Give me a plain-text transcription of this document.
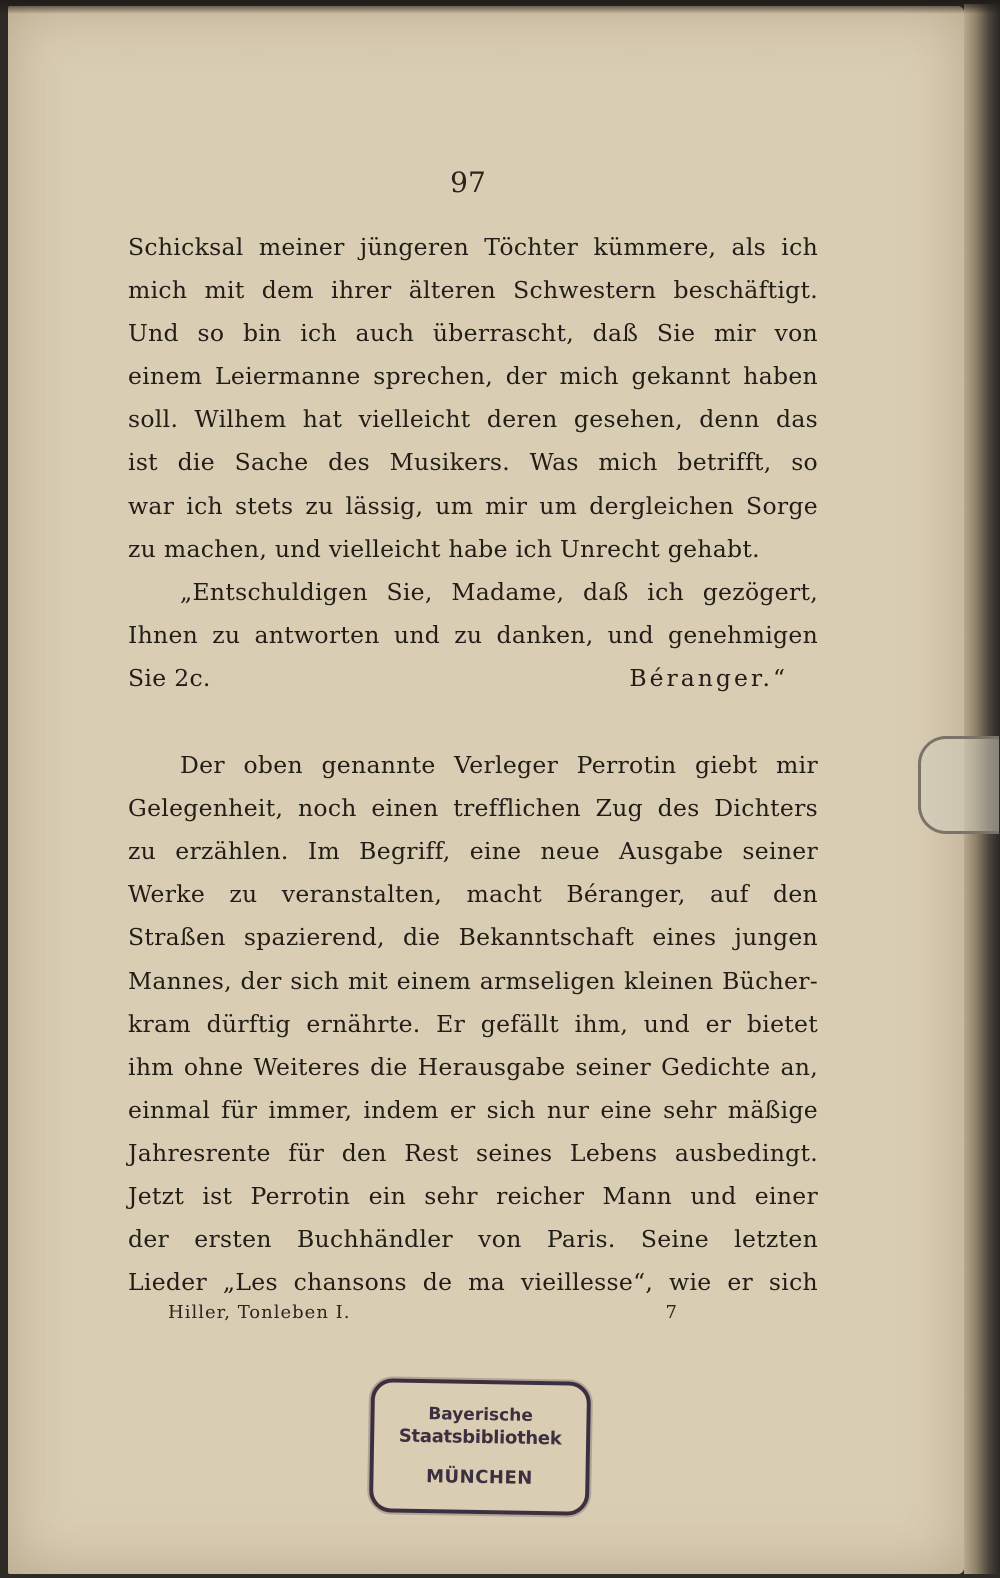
97
Schicksal meiner jüngeren Töchter kümmere, als ich
mich mit dem ihrer älteren Schwestern beschäftigt.
Und so bin ich auch überrascht, daß Sie mir von
einem Leiermanne sprechen, der mich gekannt haben
soll. Wilhem hat vielleicht deren gesehen, denn das
ist die Sache des Musikers. Was mich betrifft, so
war ich stets zu lässig, um mir um dergleichen Sorge
zu machen, und vielleicht habe ich Unrecht gehabt.
„Entschuldigen Sie, Madame, daß ich gezögert,
Ihnen zu antworten und zu danken, und genehmigen
Sie 2c.	Béranger.“
Der oben genannte Verleger Perrotin giebt mir
Gelegenheit, noch einen trefflichen Zug des Dichters
zu erzählen. Im Begriff, eine neue Ausgabe seiner
Werke zu veranstalten, macht Béranger, auf den
Straßen spazierend, die Bekanntschaft eines jungen
Mannes, der sich mit einem armseligen kleinen Bücher-
kram dürftig ernährte. Er gefällt ihm, und er bietet
ihm ohne Weiteres die Herausgabe seiner Gedichte an,
einmal für immer, indem er sich nur eine sehr mäßige
Jahresrente für den Rest seines Lebens ausbedingt.
Jetzt ist Perrotin ein sehr reicher Mann und einer
der ersten Buchhändler von Paris. Seine letzten
Lieder „Les chansons de ma vieillesse“, wie er sich
Hiller, Tonleben I.	7
Bayerische
Staatsbibliothek
MÜNCHEN
